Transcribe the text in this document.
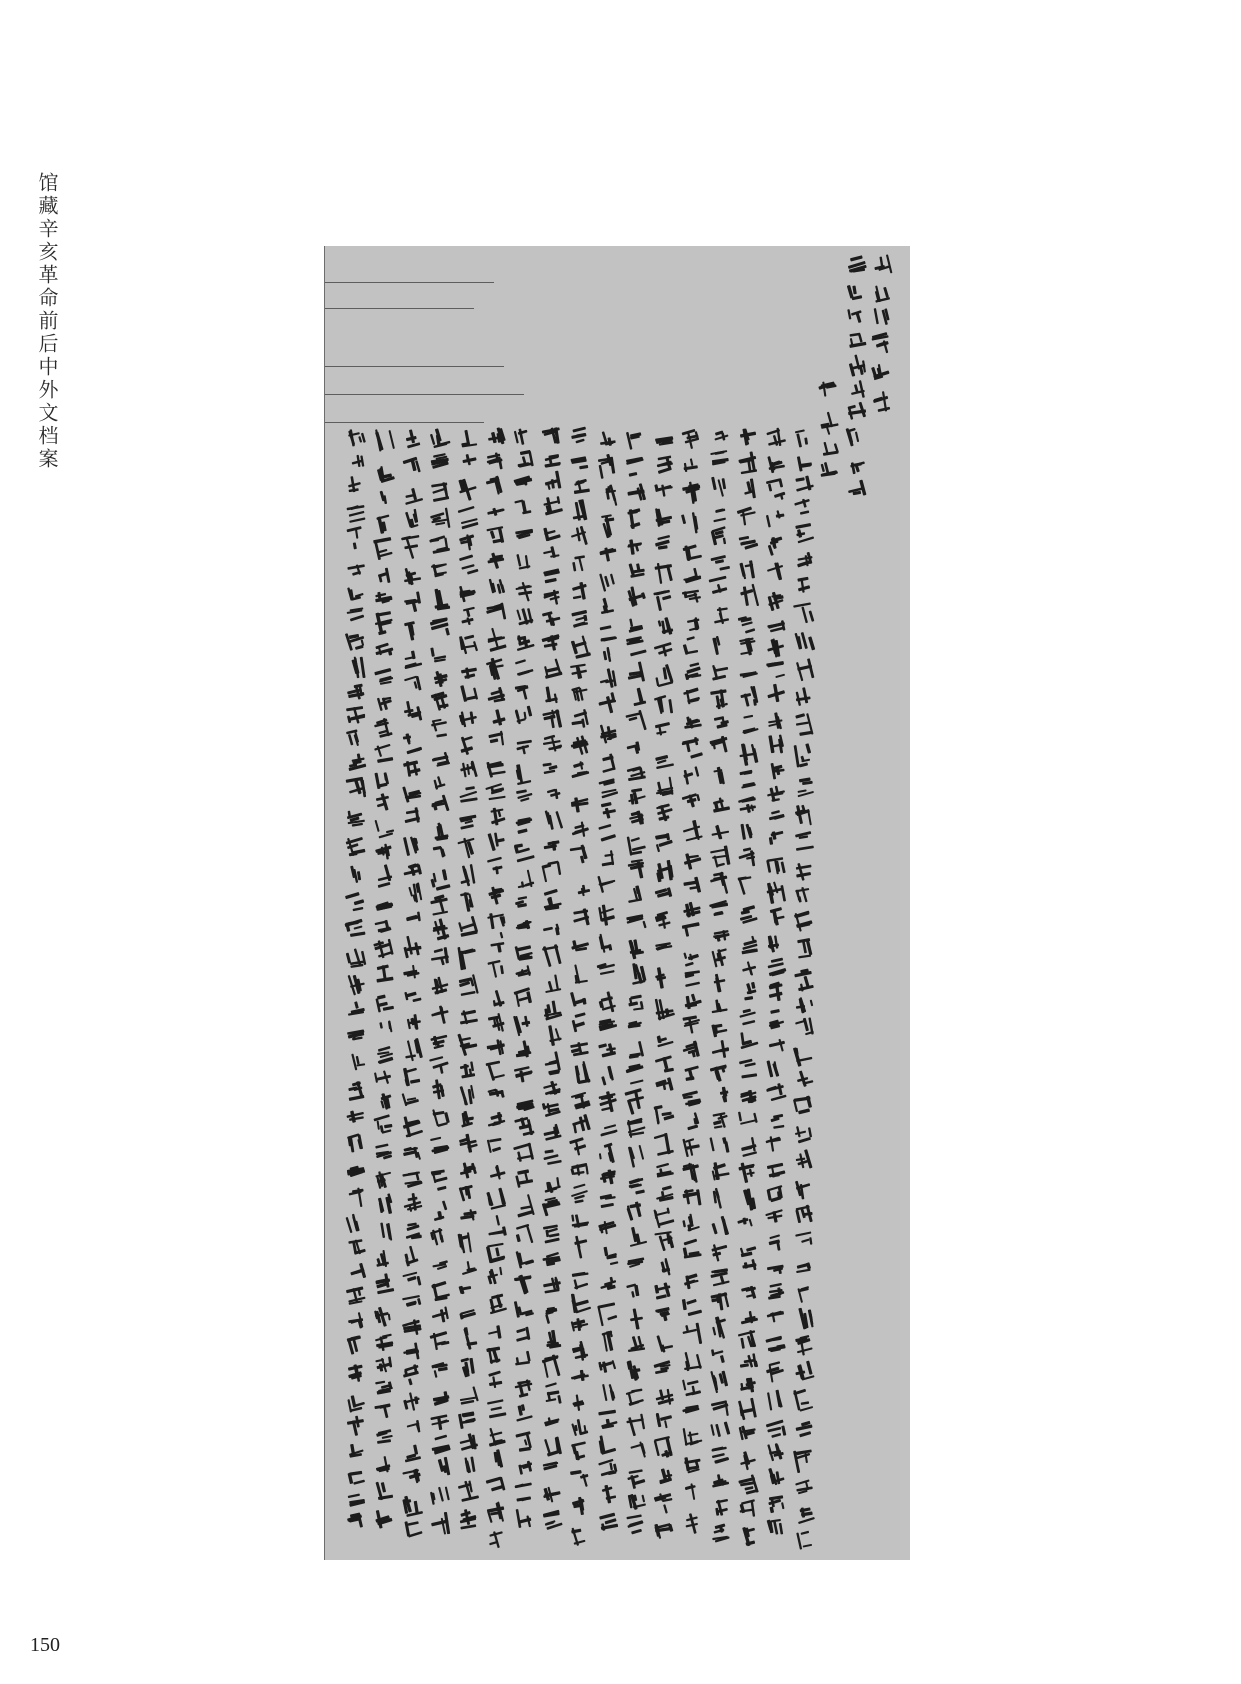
馆藏辛亥革命前后中外文档案
150
